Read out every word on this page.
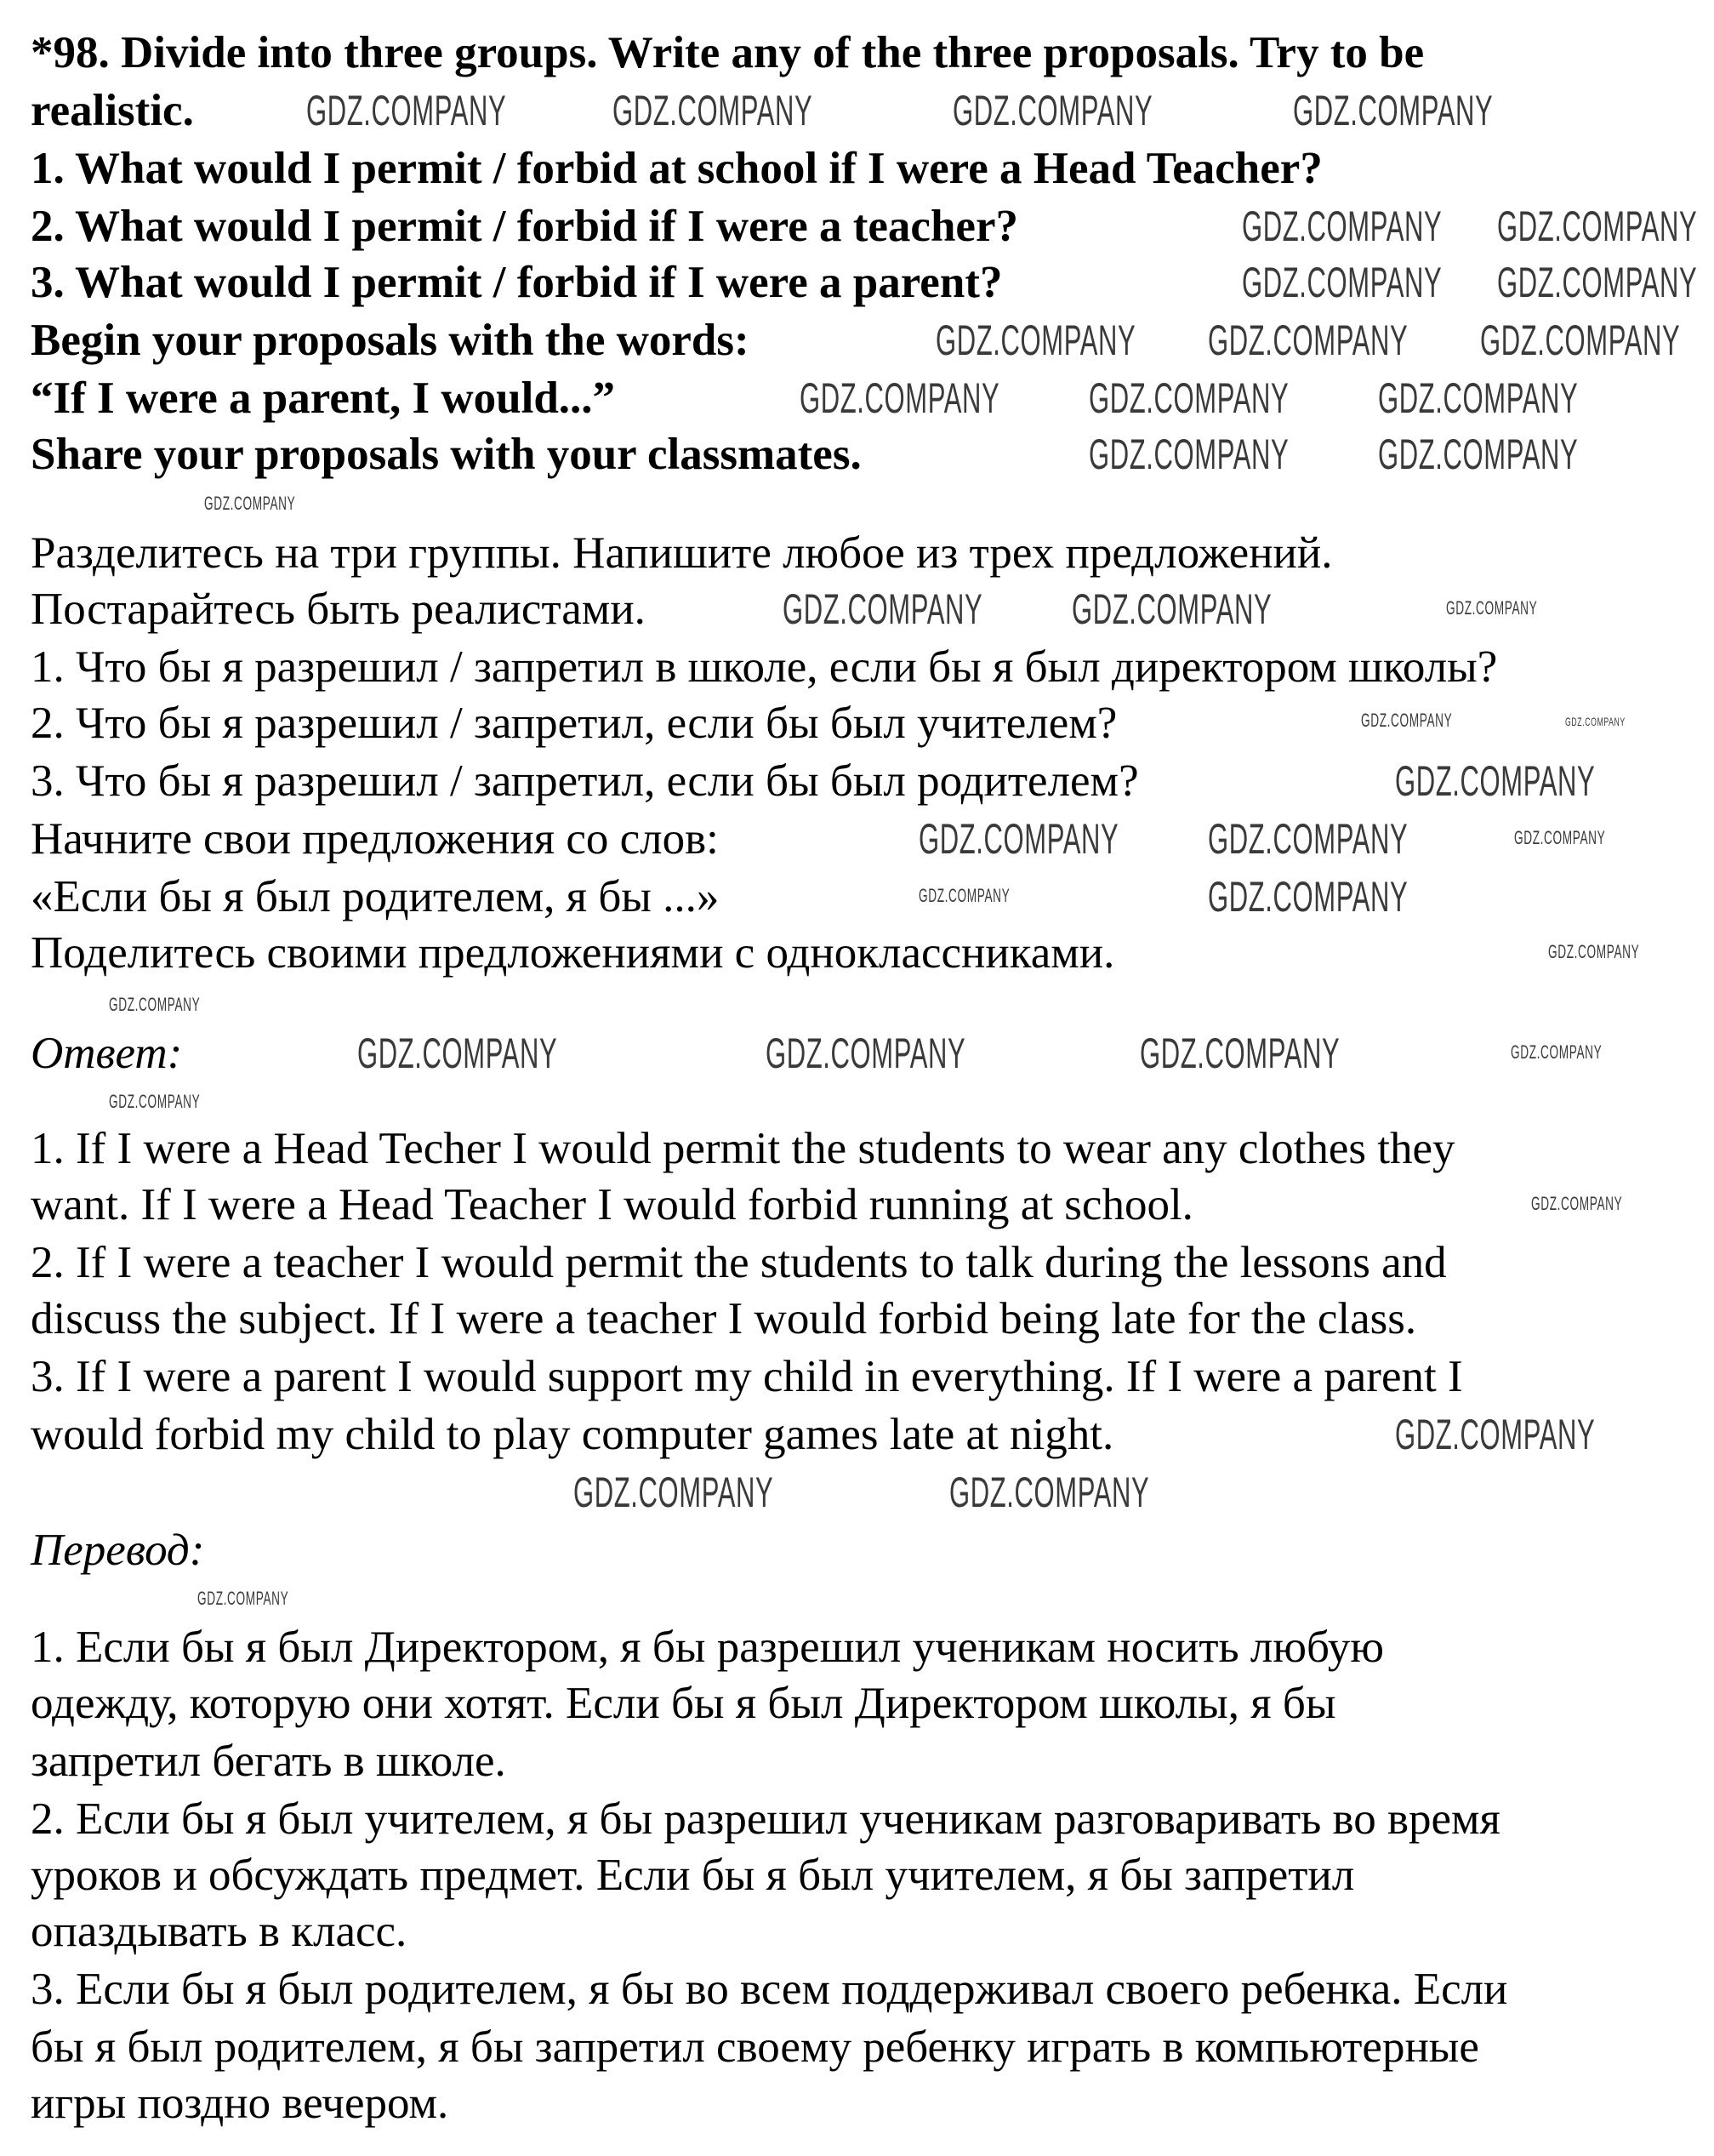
*98. Divide into three groups. Write any of the three proposals. Try to be
realistic.
1. What would I permit / forbid at school if I were a Head Teacher?
2. What would I permit / forbid if I were a teacher?
3. What would I permit / forbid if I were a parent?
Begin your proposals with the words:
“If I were a parent, I would...”
Share your proposals with your classmates.
Разделитесь на три группы. Напишите любое из трех предложений.
Постарайтесь быть реалистами.
1. Что бы я разрешил / запретил в школе, если бы я был директором школы?
2. Что бы я разрешил / запретил, если бы был учителем?
3. Что бы я разрешил / запретил, если бы был родителем?
Начните свои предложения со слов:
«Если бы я был родителем, я бы ...»
Поделитесь своими предложениями с одноклассниками.
Ответ:
1. If I were a Head Techer I would permit the students to wear any clothes they
want. If I were a Head Teacher I would forbid running at school.
2. If I were a teacher I would permit the students to talk during the lessons and
discuss the subject. If I were a teacher I would forbid being late for the class.
3. If I were a parent I would support my child in everything. If I were a parent I
would forbid my child to play computer games late at night.
Перевод:
1. Если бы я был Директором, я бы разрешил ученикам носить любую
одежду, которую они хотят. Если бы я был Директором школы, я бы
запретил бегать в школе.
2. Если бы я был учителем, я бы разрешил ученикам разговаривать во время
уроков и обсуждать предмет. Если бы я был учителем, я бы запретил
опаздывать в класс.
3. Если бы я был родителем, я бы во всем поддерживал своего ребенка. Если
бы я был родителем, я бы запретил своему ребенку играть в компьютерные
игры поздно вечером.
GDZ.COMPANY GDZ.COMPANY	GDZ.COMPANY	GDZ.COMPANY
GDZ.COMPANY GDZ.COMPANY
GDZ.COMPANY GDZ.COMPANY
GDZ.COMPANY GDZ.COMPANY GDZ.COMPANY
GDZ.COMPANY GDZ.COMPANY GDZ.COMPANY
GDZ.COMPANY GDZ.COMPANY
GDZ.COMPANY
GDZ.COMPANY GDZ.COMPANY	GDZ.COMPANY
GDZ.COMPANY	GDZ.COMPANY
GDZ.COMPANY
GDZ.COMPANY GDZ.COMPANY	GDZ.COMPANY
GDZ.COMPANY	GDZ.COMPANY
GDZ.COMPANY
GDZ.COMPANY
GDZ.COMPANY	GDZ.COMPANY	GDZ.COMPANY	GDZ.COMPANY
GDZ.COMPANY
GDZ.COMPANY
GDZ.COMPANY
GDZ.COMPANY	GDZ.COMPANY
GDZ.COMPANY
